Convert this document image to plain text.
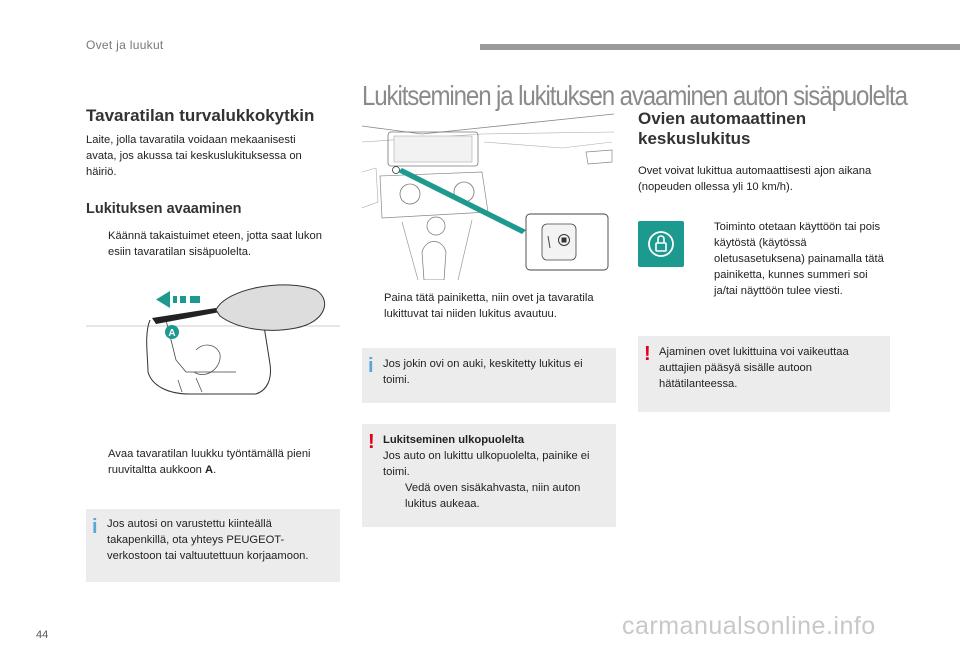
Ovet ja luukut
Lukitseminen ja lukituksen avaaminen auton sisäpuolelta
Tavaratilan turvalukkokytkin

Laite, jolla tavaratila voidaan mekaanisesti avata, jos akussa tai keskuslukituksessa on häiriö.

Lukituksen avaaminen
Käännä takaistuimet eteen, jotta saat lukon esiin tavaratilan sisäpuolelta.
A
Avaa tavaratilan luukku työntämällä pieni ruuvitaltta aukkoon A.
i Jos autosi on varustettu kiinteällä takapenkillä, ota yhteys PEUGEOT-verkostoon tai valtuutettuun korjaamoon.

Paina tätä painiketta, niin ovet ja tavaratila lukittuvat tai niiden lukitus avautuu.
i Jos jokin ovi on auki, keskitetty lukitus ei toimi.

! Lukitseminen ulkopuolelta

Jos auto on lukittu ulkopuolelta, painike ei toimi.

Vedä oven sisäkahvasta, niin auton lukitus aukeaa.
Ovien automaattinen
keskuslukitus

Ovet voivat lukittua automaattisesti ajon aikana (nopeuden ollessa yli 10 km/h).

Toiminto otetaan käyttöön tai pois käytöstä (käytössä oletusasetuksena) painamalla tätä painiketta, kunnes summeri soi ja/tai näyttöön tulee viesti.
! Ajaminen ovet lukittuina voi vaikeuttaa auttajien pääsyä sisälle autoon hätätilanteessa.

44	carmanualsonline.info
